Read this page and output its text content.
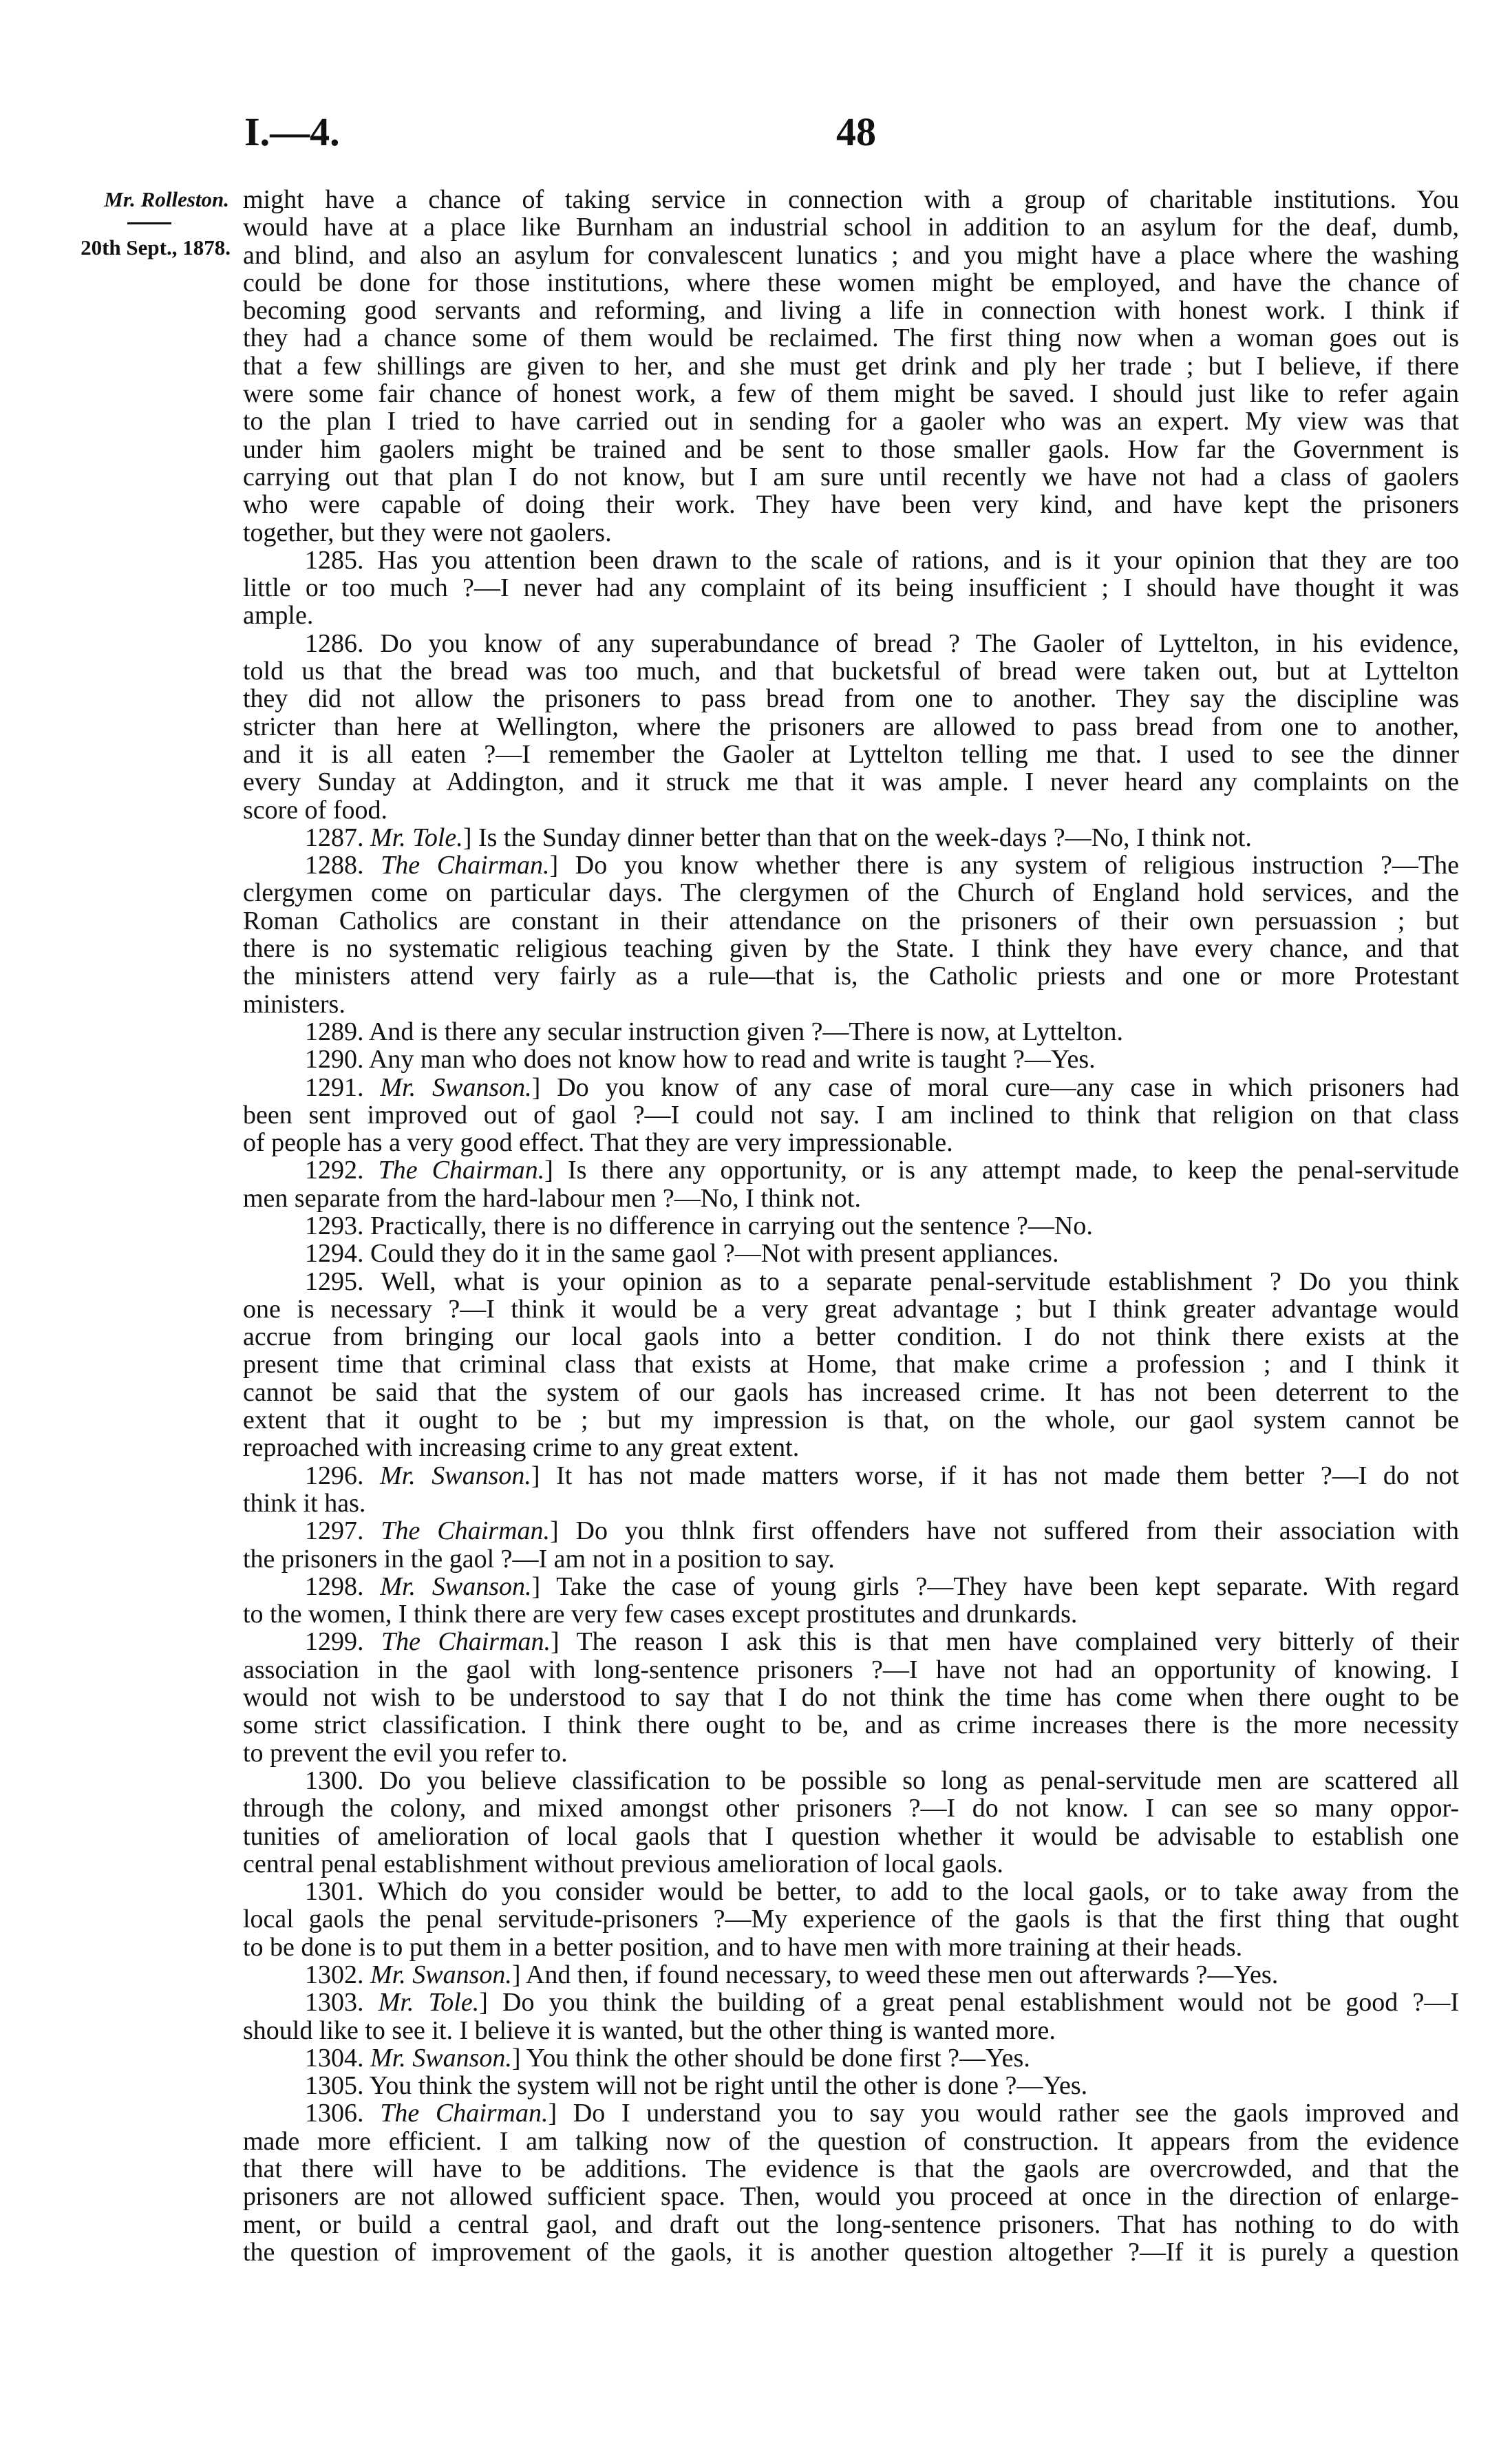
I.—4.	48
Mr. Rolleston.
20th Sept., 1878.
might have a chance of taking service in connection with a group of charitable institutions. You
would have at a place like Burnham an industrial school in addition to an asylum for the deaf, dumb,
and blind, and also an asylum for convalescent lunatics ; and you might have a place where the washing
could be done for those institutions, where these women might be employed, and have the chance of
becoming good servants and reforming, and living a life in connection with honest work. I think if
they had a chance some of them would be reclaimed. The first thing now when a woman goes out is
that a few shillings are given to her, and she must get drink and ply her trade ; but I believe, if there
were some fair chance of honest work, a few of them might be saved. I should just like to refer again
to the plan I tried to have carried out in sending for a gaoler who was an expert. My view was that
under him gaolers might be trained and be sent to those smaller gaols. How far the Government is
carrying out that plan I do not know, but I am sure until recently we have not had a class of gaolers
who were capable of doing their work. They have been very kind, and have kept the prisoners
together, but they were not gaolers.
1285. Has you attention been drawn to the scale of rations, and is it your opinion that they are too
little or too much ?—I never had any complaint of its being insufficient ; I should have thought it was
ample.
1286. Do you know of any superabundance of bread ? The Gaoler of Lyttelton, in his evidence,
told us that the bread was too much, and that bucketsful of bread were taken out, but at Lyttelton
they did not allow the prisoners to pass bread from one to another. They say the discipline was
stricter than here at Wellington, where the prisoners are allowed to pass bread from one to another,
and it is all eaten ?—I remember the Gaoler at Lyttelton telling me that. I used to see the dinner
every Sunday at Addington, and it struck me that it was ample. I never heard any complaints on the
score of food.
1287. Mr. Tole.] Is the Sunday dinner better than that on the week-days ?—No, I think not.
1288. The Chairman.] Do you know whether there is any system of religious instruction ?—The
clergymen come on particular days. The clergymen of the Church of England hold services, and the
Roman Catholics are constant in their attendance on the prisoners of their own persuassion ; but
there is no systematic religious teaching given by the State. I think they have every chance, and that
the ministers attend very fairly as a rule—that is, the Catholic priests and one or more Protestant
ministers.
1289. And is there any secular instruction given ?—There is now, at Lyttelton.
1290. Any man who does not know how to read and write is taught ?—Yes.
1291. Mr. Swanson.] Do you know of any case of moral cure—any case in which prisoners had
been sent improved out of gaol ?—I could not say. I am inclined to think that religion on that class
of people has a very good effect. That they are very impressionable.
1292. The Chairman.] Is there any opportunity, or is any attempt made, to keep the penal-servitude
men separate from the hard-labour men ?—No, I think not.
1293. Practically, there is no difference in carrying out the sentence ?—No.
1294. Could they do it in the same gaol ?—Not with present appliances.
1295. Well, what is your opinion as to a separate penal-servitude establishment ? Do you think
one is necessary ?—I think it would be a very great advantage ; but I think greater advantage would
accrue from bringing our local gaols into a better condition. I do not think there exists at the
present time that criminal class that exists at Home, that make crime a profession ; and I think it
cannot be said that the system of our gaols has increased crime. It has not been deterrent to the
extent that it ought to be ; but my impression is that, on the whole, our gaol system cannot be
reproached with increasing crime to any great extent.
1296. Mr. Swanson.] It has not made matters worse, if it has not made them better ?—I do not
think it has.
1297. The Chairman.] Do you thlnk first offenders have not suffered from their association with
the prisoners in the gaol ?—I am not in a position to say.
1298. Mr. Swanson.] Take the case of young girls ?—They have been kept separate. With regard
to the women, I think there are very few cases except prostitutes and drunkards.
1299. The Chairman.] The reason I ask this is that men have complained very bitterly of their
association in the gaol with long-sentence prisoners ?—I have not had an opportunity of knowing. I
would not wish to be understood to say that I do not think the time has come when there ought to be
some strict classification. I think there ought to be, and as crime increases there is the more necessity
to prevent the evil you refer to.
1300. Do you believe classification to be possible so long as penal-servitude men are scattered all
through the colony, and mixed amongst other prisoners ?—I do not know. I can see so many oppor-
tunities of amelioration of local gaols that I question whether it would be advisable to establish one
central penal establishment without previous amelioration of local gaols.
1301. Which do you consider would be better, to add to the local gaols, or to take away from the
local gaols the penal servitude-prisoners ?—My experience of the gaols is that the first thing that ought
to be done is to put them in a better position, and to have men with more training at their heads.
1302. Mr. Swanson.] And then, if found necessary, to weed these men out afterwards ?—Yes.
1303. Mr. Tole.] Do you think the building of a great penal establishment would not be good ?—I
should like to see it. I believe it is wanted, but the other thing is wanted more.
1304. Mr. Swanson.] You think the other should be done first ?—Yes.
1305. You think the system will not be right until the other is done ?—Yes.
1306. The Chairman.] Do I understand you to say you would rather see the gaols improved and
made more efficient. I am talking now of the question of construction. It appears from the evidence
that there will have to be additions. The evidence is that the gaols are overcrowded, and that the
prisoners are not allowed sufficient space. Then, would you proceed at once in the direction of enlarge-
ment, or build a central gaol, and draft out the long-sentence prisoners. That has nothing to do with
the question of improvement of the gaols, it is another question altogether ?—If it is purely a question
